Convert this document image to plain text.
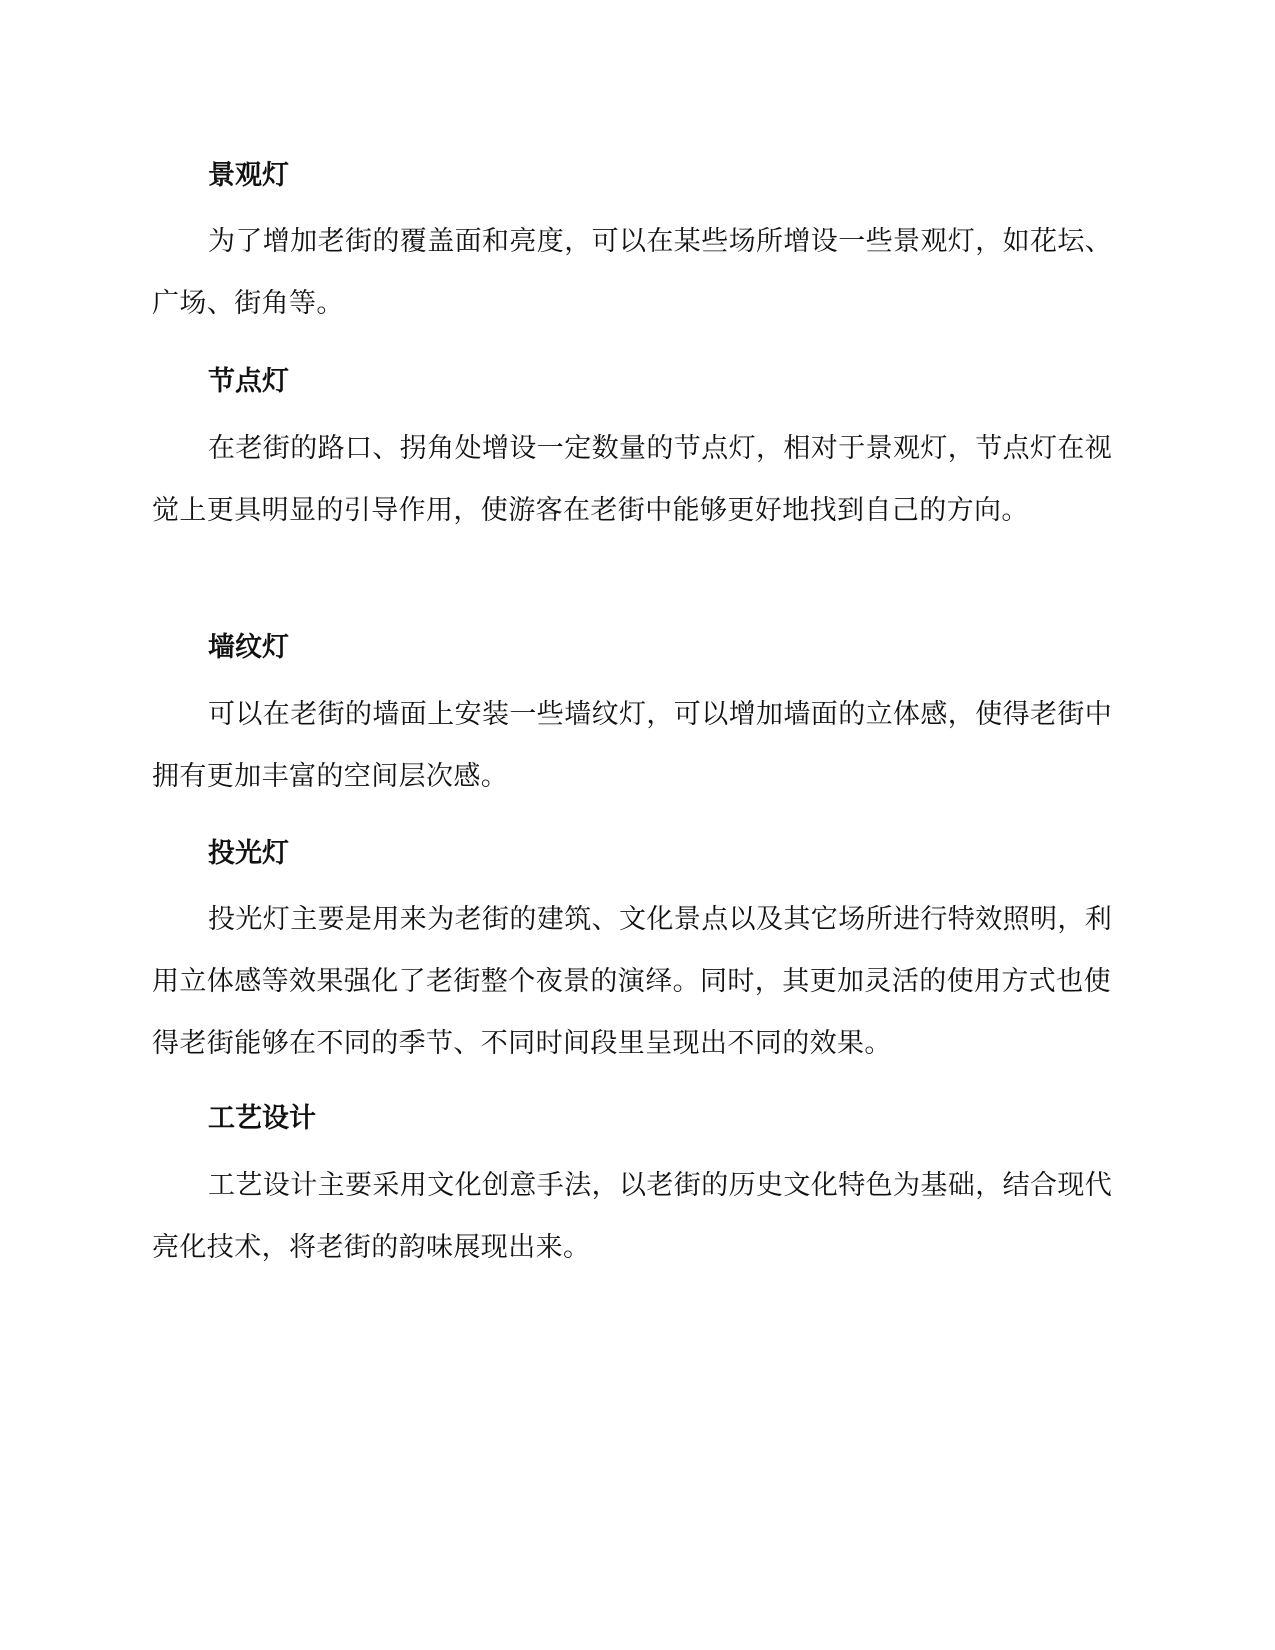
景观灯

为了增加老街的覆盖面和亮度，可以在某些场所增设一些景观灯，如花坛、广场、街角等。

节点灯

在老街的路口、拐角处增设一定数量的节点灯，相对于景观灯，节点灯在视觉上更具明显的引导作用，使游客在老街中能够更好地找到自己的方向。

墙纹灯

可以在老街的墙面上安装一些墙纹灯，可以增加墙面的立体感，使得老街中拥有更加丰富的空间层次感。

投光灯

投光灯主要是用来为老街的建筑、文化景点以及其它场所进行特效照明，利用立体感等效果强化了老街整个夜景的演绎。同时，其更加灵活的使用方式也使得老街能够在不同的季节、不同时间段里呈现出不同的效果。

工艺设计

工艺设计主要采用文化创意手法，以老街的历史文化特色为基础，结合现代亮化技术，将老街的韵味展现出来。
